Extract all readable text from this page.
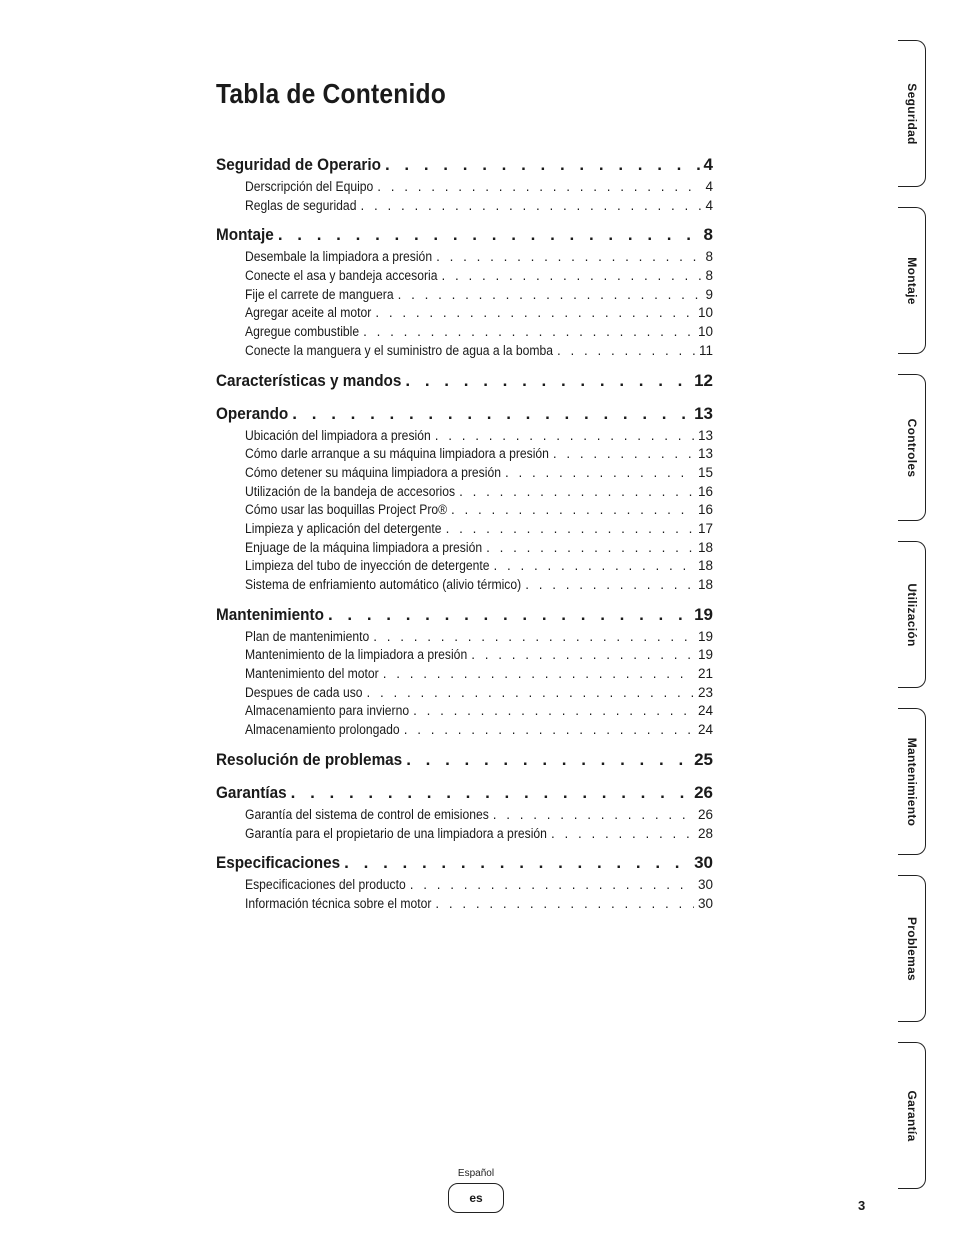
Tabla de Contenido
Seguridad de Operario . . .	4
Derscripción del Equipo . . .	4
Reglas de seguridad . . .	4
Montaje . . .	8
Desembale la limpiadora a presión . . .	8
Conecte el asa y bandeja accesoria . . .	8
Fije el carrete de manguera . . .	9
Agregar aceite al motor . . .	10
Agregue combustible . . .	10
Conecte la manguera y el suministro de agua a la bomba . . .	11
Características y mandos . . .	12
Operando . . .	13
Ubicación del limpiadora a presión . . .	13
Cómo darle arranque a su máquina limpiadora a presión . . .	13
Cómo detener su máquina limpiadora a presión . . .	15
Utilización de la bandeja de accesorios . . .	16
Cómo usar las boquillas Project Pro® . . .	16
Limpieza y aplicación del detergente . . .	17
Enjuage de la máquina limpiadora a presión . . .	18
Limpieza del tubo de inyección de detergente . . .	18
Sistema de enfriamiento automático (alivio térmico) . . .	18
Mantenimiento . . .	19
Plan de mantenimiento . . .	19
Mantenimiento de la limpiadora a presión . . .	19
Mantenimiento del motor . . .	21
Despues de cada uso . . .	23
Almacenamiento para invierno . . .	24
Almacenamiento prolongado . . .	24
Resolución de problemas . . .	25
Garantías . . .	26
Garantía del sistema de control de emisiones . . .	26
Garantía para el propietario de una limpiadora a presión . . .	28
Especificaciones . . .	30
Especificaciones del producto . . .	30
Información técnica sobre el motor . . .	30
Seguridad
Montaje
Controles
Utilización
Mantenimiento
Problemas
Garantía
Español
es	3
